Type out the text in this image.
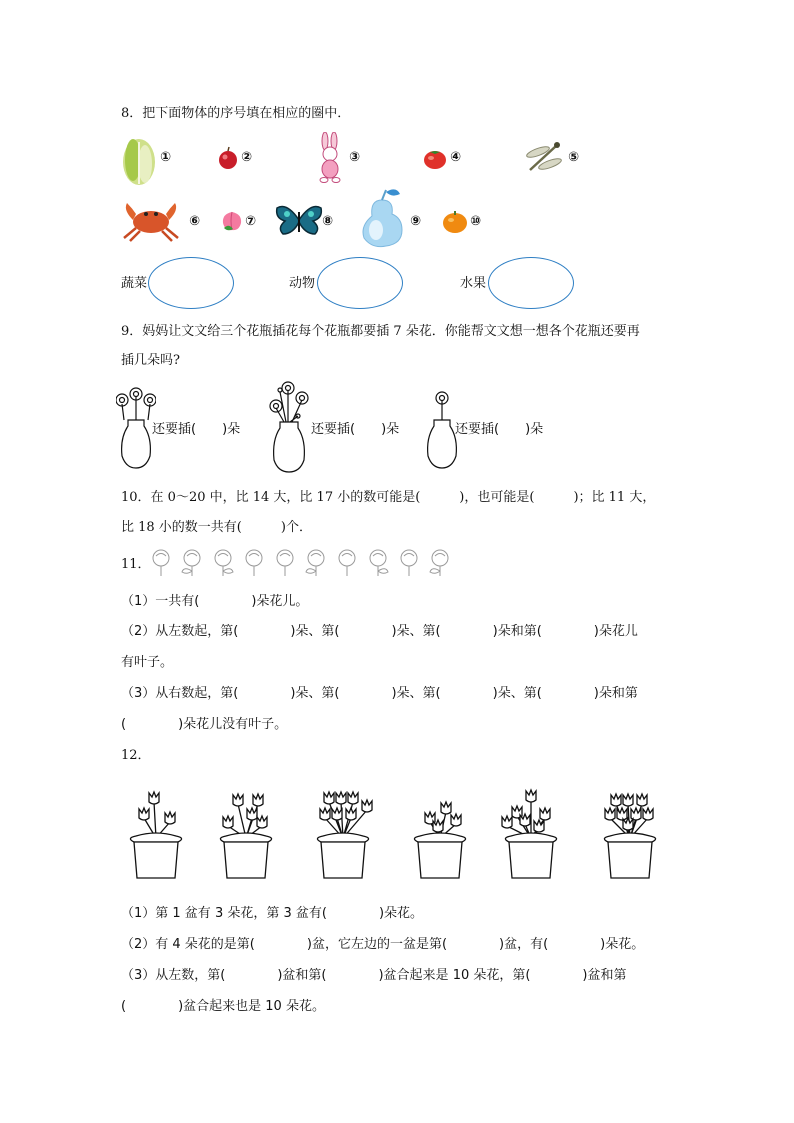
8．把下面物体的序号填在相应的圈中．
①	②	③	④	⑤
⑥	⑦	⑧	⑨	⑩
蔬菜	动物	水果
9．妈妈让文文给三个花瓶插花每个花瓶都要插 7 朵花．你能帮文文想一想各个花瓶还要再
插几朵吗?
还要插(　　)朵	还要插(　　)朵	还要插(　　)朵
10．在 0～20 中，比 14 大，比 17 小的数可能是(　　　)，也可能是(　　　)；比 11 大，
比 18 小的数一共有(　　　)个．
11．
（1）一共有(　　　　)朵花儿。
（2）从左数起，第(　　　　)朵、第(　　　　)朵、第(　　　　)朵和第(　　　　)朵花儿
有叶子。
（3）从右数起，第(　　　　)朵、第(　　　　)朵、第(　　　　)朵、第(　　　　)朵和第
(　　　　)朵花儿没有叶子。
12．
（1）第 1 盆有 3 朵花，第 3 盆有(　　　　)朵花。
（2）有 4 朵花的是第(　　　　)盆，它左边的一盆是第(　　　　)盆，有(　　　　)朵花。
（3）从左数，第(　　　　)盆和第(　　　　)盆合起来是 10 朵花，第(　　　　)盆和第
(　　　　)盆合起来也是 10 朵花。
